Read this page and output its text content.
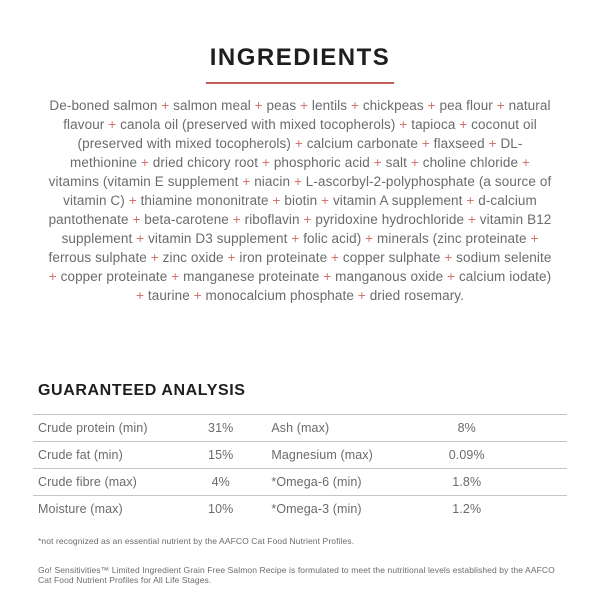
INGREDIENTS

De-boned salmon + salmon meal + peas + lentils + chickpeas + pea flour + natural flavour + canola oil (preserved with mixed tocopherols) + tapioca + coconut oil (preserved with mixed tocopherols) + calcium carbonate + flaxseed + DL-methionine + dried chicory root + phosphoric acid + salt + choline chloride + vitamins (vitamin E supplement + niacin + L-ascorbyl-2-polyphosphate (a source of vitamin C) + thiamine mononitrate + biotin + vitamin A supplement + d-calcium pantothenate + beta-carotene + riboflavin + pyridoxine hydrochloride + vitamin B12 supplement + vitamin D3 supplement + folic acid) + minerals (zinc proteinate + ferrous sulphate + zinc oxide + iron proteinate + copper sulphate + sodium selenite + copper proteinate + manganese proteinate + manganous oxide + calcium iodate) + taurine + monocalcium phosphate + dried rosemary.

GUARANTEED ANALYSIS
Crude protein (min)	31%	Ash (max)	8%
Crude fat (min)	15%	Magnesium (max)	0.09%
Crude fibre (max)	4%	*Omega-6 (min)	1.8%
Moisture (max)	10%	*Omega-3 (min)	1.2%

*not recognized as an essential nutrient by the AAFCO Cat Food Nutrient Profiles.

Go! Sensitivities™ Limited Ingredient Grain Free Salmon Recipe is formulated to meet the nutritional levels established by the AAFCO Cat Food Nutrient Profiles for All Life Stages.
